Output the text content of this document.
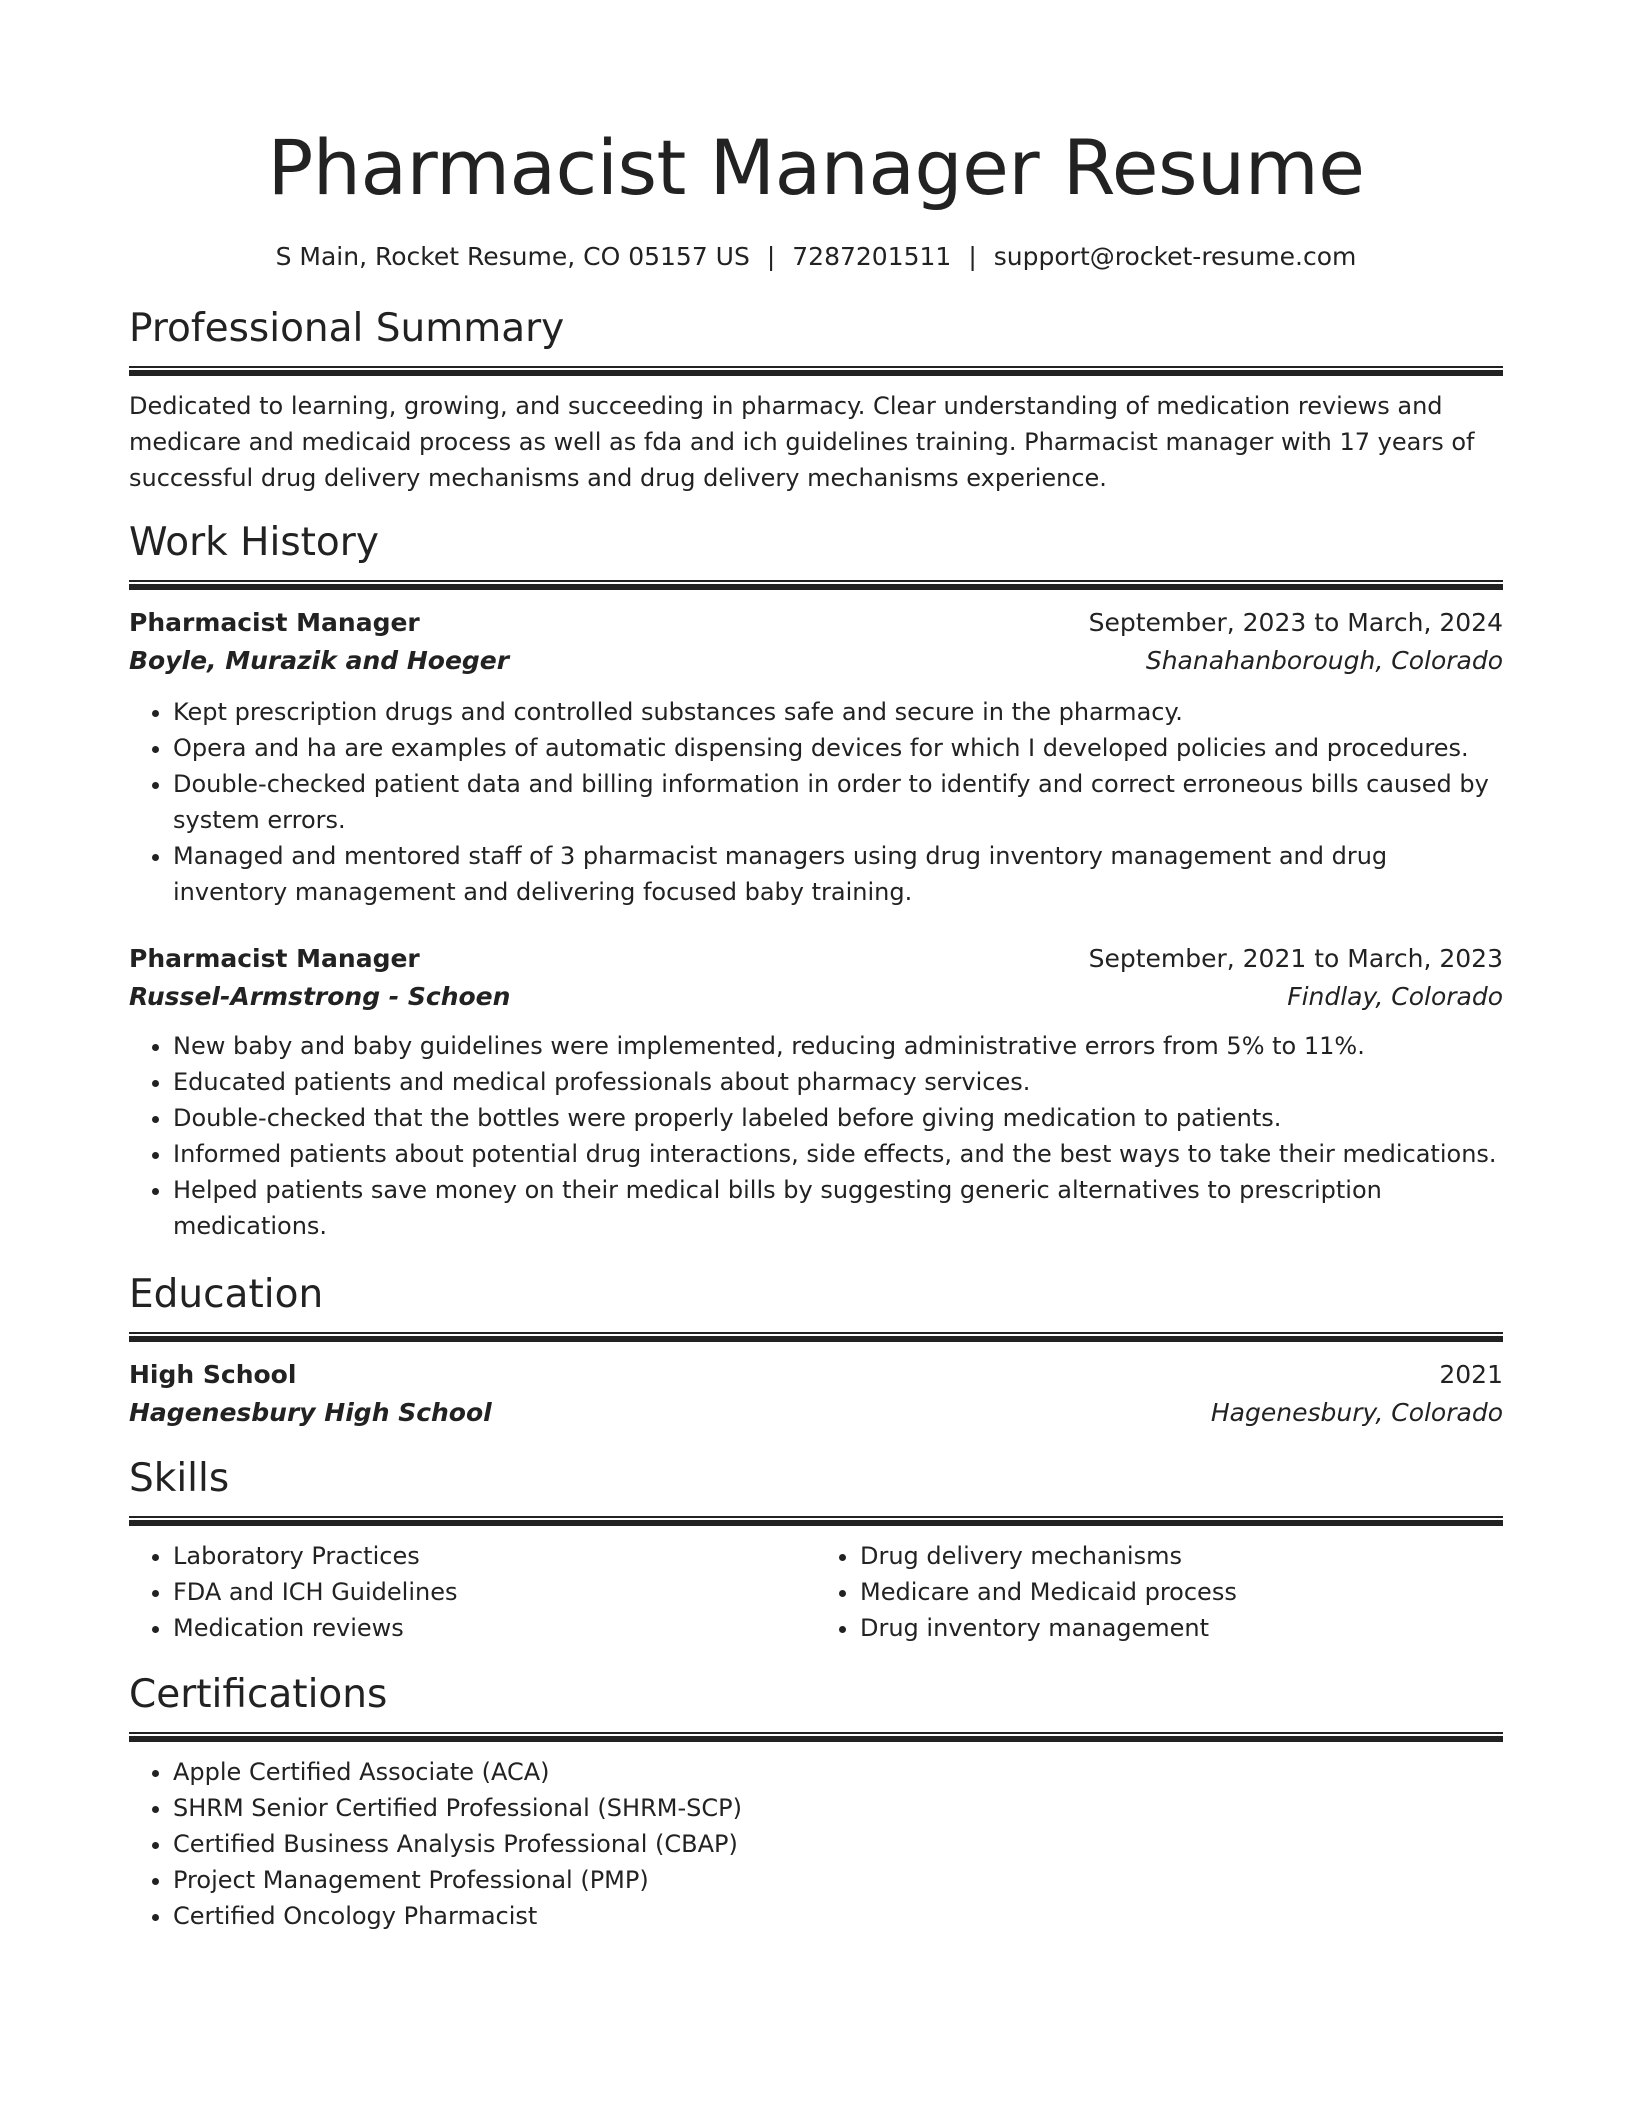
Pharmacist Manager Resume
S Main, Rocket Resume, CO 05157 US | 7287201511 | support@rocket-resume.com
Professional Summary
Dedicated to learning, growing, and succeeding in pharmacy. Clear understanding of medication reviews and medicare and medicaid process as well as fda and ich guidelines training. Pharmacist manager with 17 years of successful drug delivery mechanisms and drug delivery mechanisms experience.
Work History
Pharmacist Manager	September, 2023 to March, 2024
Boyle, Murazik and Hoeger	Shanahanborough, Colorado
• Kept prescription drugs and controlled substances safe and secure in the pharmacy.
• Opera and ha are examples of automatic dispensing devices for which I developed policies and procedures.
• Double-checked patient data and billing information in order to identify and correct erroneous bills caused by system errors.
• Managed and mentored staff of 3 pharmacist managers using drug inventory management and drug inventory management and delivering focused baby training.
Pharmacist Manager	September, 2021 to March, 2023
Russel-Armstrong - Schoen	Findlay, Colorado
• New baby and baby guidelines were implemented, reducing administrative errors from 5% to 11%.
• Educated patients and medical professionals about pharmacy services.
• Double-checked that the bottles were properly labeled before giving medication to patients.
• Informed patients about potential drug interactions, side effects, and the best ways to take their medications.
• Helped patients save money on their medical bills by suggesting generic alternatives to prescription medications.
Education
High School	2021
Hagenesbury High School	Hagenesbury, Colorado
Skills
• Laboratory Practices
• FDA and ICH Guidelines
• Medication reviews
• Drug delivery mechanisms
• Medicare and Medicaid process
• Drug inventory management
Certifications
• Apple Certified Associate (ACA)
• SHRM Senior Certified Professional (SHRM-SCP)
• Certified Business Analysis Professional (CBAP)
• Project Management Professional (PMP)
• Certified Oncology Pharmacist
